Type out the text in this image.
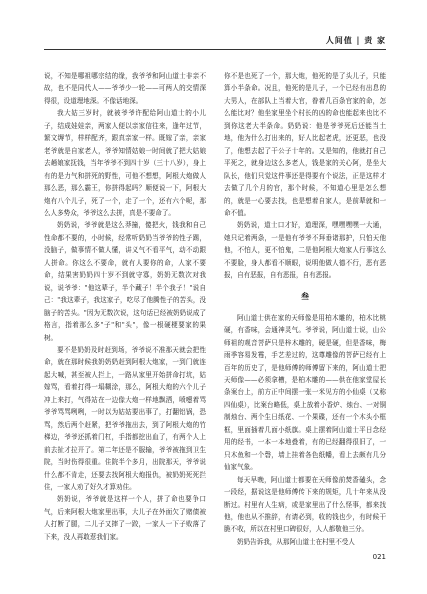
人间值 | 责 家

说，不知是哪祖哪宗结的缘，我爷爷和阿山道士非亲不故，也不是同代人——爷爷少一轮——可两人的交情深得很，设道理地深。不像话地深。

我大姑三岁时，就被爷爷许配给阿山道士的小儿子，结成娃娃亲，两家人便以亲家信往来，逢年过节，繁文缛节，样样配齐，跟真亲家一样。既嫁了亲，亲家老爷就是自家老人，爷爷知情姑娘一时间就了把大姑娘去趟娘家抚钱，当年爷爷不到四十岁（三十八岁），身上有的是力气和拼死的野性，可他不想想，阿根大炮做人那么恶，那么霸王，你拼得起吗？顺便说一下，阿根大炮有八个儿子，死了一个，走了一个，还有六个呢，那么人多势众，爷爷这么去拼，真是不要命了。

奶奶说，爷爷就是这么莽撞，傻把火，钱我和自己性命都不要的，小时候，经常听奶奶当爷爷的性子踢，没脑子，做事情不做人懂，讲义气不看平气，动不动跟人拼命。你这么不要命，就有人要你的命，人家不要命，结果害奶奶四十岁不到就守寡，奶奶无数次对我说，说爷爷："他这辈子，半个藏子！半个我子！"说自己："我这辈子，我这家子，吃尽了他腾性子的苦头，没脑子的苦头。"因为无数次说，这句话已经被奶奶说成了格言，指着那么多"子"和"头"，像一根硬梗要家的果树。

要不是奶奶及时赶到场，爷爷说不准那天就会把性命，就在那时候我奶奶奶赶到阿根大炮家，一到门就连起大喊，甚至被人拦上，一路从家里开始拼命打坑，姑嫁骂，看着打得一塌糊涂，那么，阿根大炮的六个儿子冲上来打，气得站在一边像大炮一样地飘洒，喷嚏着骂爷爷骂骂咧咧，一时以为姑姑要出事了，打翻铝锅，恐骂，然后两个赶紧，把爷爷拖出去，到了阿根大炮的竹梯边，爷爷还抓着门杠，手指都挖出血了，有两个人上前去扯才拉开了。第二年还是不服输，爷爷被拖到卫生院，当时伤得很重。住院半个多月，出院那天，爷爷说什么都不肯走，还要去找阿根大炮报仇，被奶奶死死拦住，一家人劝了好久才算劝住。

奶奶说，爷爷就是这样一个人，拼了命也要争口气，后来阿根大炮家里出事，大儿子在外面欠了赌债被人打断了腿，二儿子又摔了一跤，一家人一下子败落了下来，没人再敢惹我们家。

你不是也死了一个，那大炮，他死的是了头儿子，只能算小半条命。况且，他死的是儿子，一个已经有出息的大男人，在部队上当着大官，眷着几百条官家的命，怎么能比对？他坐家里坐个村长的凶的命也能起来也比不到你这老大半条命。奶奶说：他是爷爷死后还能当土地，他为什么打出来的，好人比起老虎，还更恶，也没了，他想去起了干公子十年的。又是知的，他就打自己平死之，就身边这么多老人，钱是家的关心阿，是坐大队长，他们只觉这件事还是得要有个说法，正是这样才去做了几个月的官，那个时候，不知道心里是怎么想的，就是一心要去找，也是想着自家人，是前辈就和一命不值。

奶奶说，道士口才好，道理深，嘿嘿嘿嘿一大通，她只记着两条，一是他有爷爷不拜垂诸那护，只怕天他他，不怕人，更不怕鬼，二是他阿根大炮家人行事这么不要脸，身人都看不顺眼，说明他做人德不行，恶有恶报，自有恶报，自有恶报，自有恶报。

叁

阿山道士供在家的天师像是用柏木雕的，柏木比桃硬，有香味，会通神灵气。爷爷说，阿山道士说，山公师祖的观音菩萨只是梓木雕的，硬是硬，但是香味，梅雨季容易发霉，手艺差过的，这尊雕像的菩萨已经有上百年的历史了，是他师傅的师傅留下来的，阿山道士把天师像——必须拿槽，是柏木雕的——供在他家堂屋长条案台上，前方正中间摆一张一米见方的小仙桌（又称四仙桌），比案台略低，桌上放着小香炉、烛台、一对铜制烛台、两个生日纸花、一个果碟，还有一个木头小框框，里面插着几面小纸旗。桌上摆着阿山道士平日念经用的经书，一本一本地叠着，有的已经翻得很旧了，一只木鱼和一个磬，墙上挂着各色纸幡，看上去颇有几分仙家气象。

每天早晚，阿山道士都要在天师像前焚香磕头，念一段经，据说这是他师傅传下来的规矩，几十年来从没断过。村里有人生病，或是家里出了什么怪事，都来找他，他也从不推辞，有请必到，收的钱也少，有时候干脆不收，所以在村里口碑很好，人人都敬他三分。

奶奶告诉我，从那阿山道士在村里不受人

021
